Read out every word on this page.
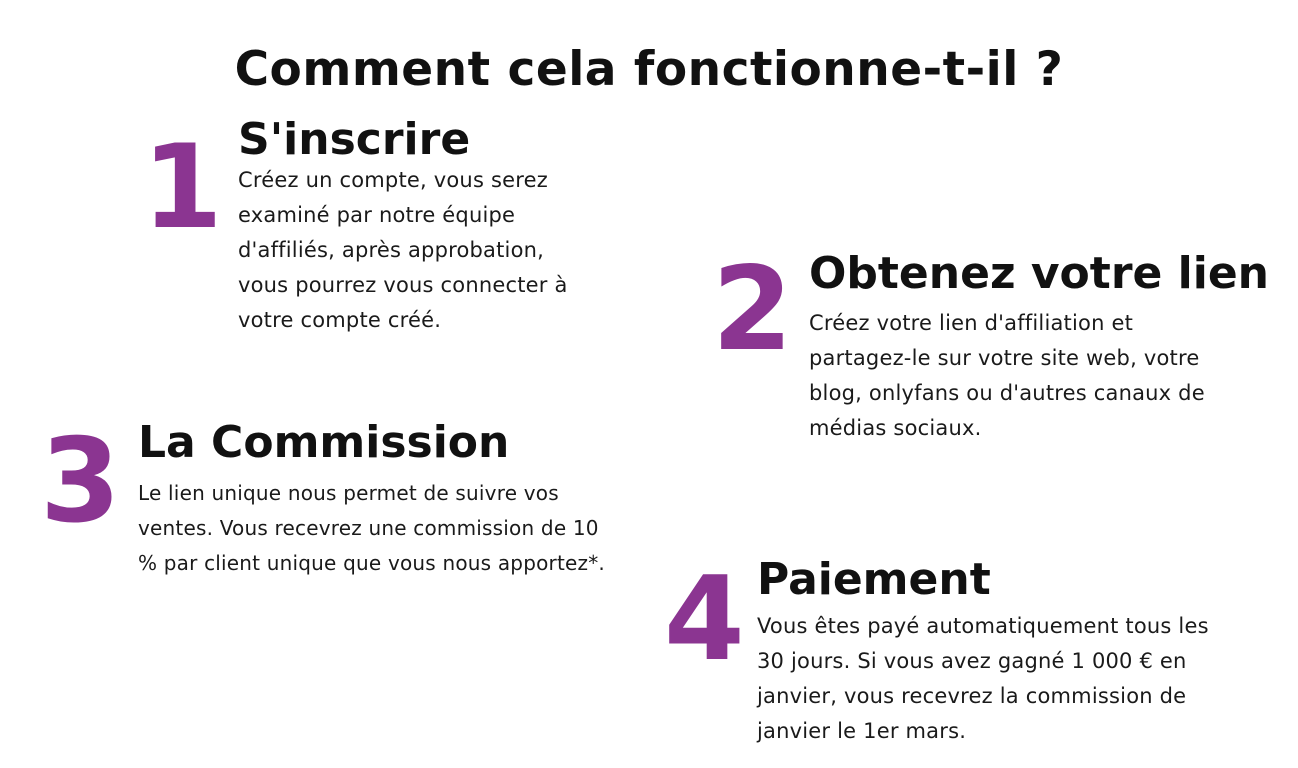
Comment cela fonctionne-t-il ?
1 S'inscrire
Créez un compte, vous serez
examiné par notre équipe
d'affiliés, après approbation,
vous pourrez vous connecter à
votre compte créé.	2 Obtenez votre lien
Créez votre lien d'affiliation et
partagez-le sur votre site web, votre
blog, onlyfans ou d'autres canaux de
médias sociaux.
3 La Commission
Le lien unique nous permet de suivre vos
ventes. Vous recevrez une commission de 10
% par client unique que vous nous apportez*. 4 Paiement
Vous êtes payé automatiquement tous les
30 jours. Si vous avez gagné 1 000 € en
janvier, vous recevrez la commission de
janvier le 1er mars.
